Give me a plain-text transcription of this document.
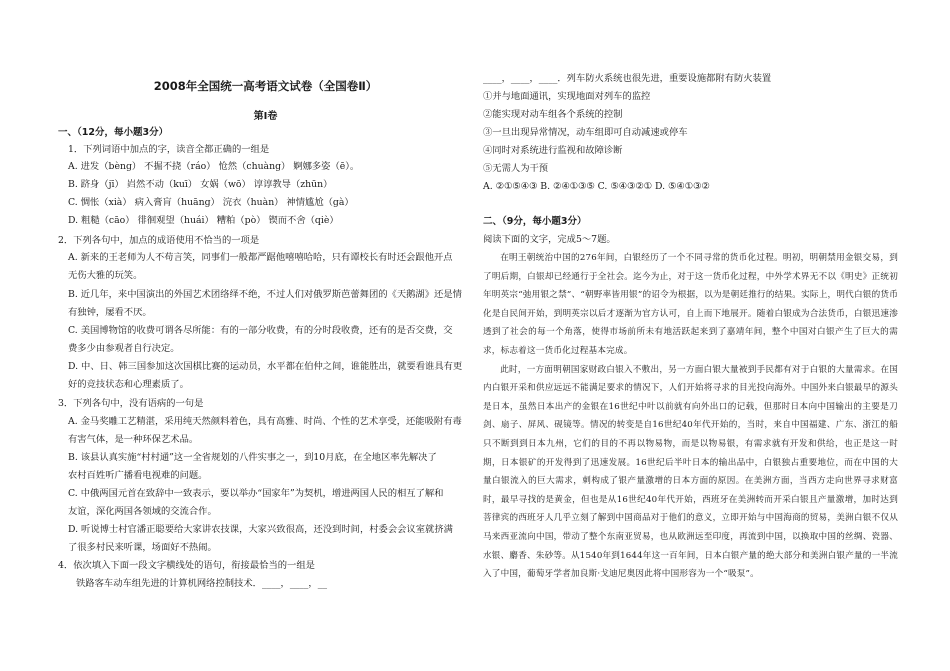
2008年全国统一高考语文试卷（全国卷Ⅱ）
第Ⅰ卷
一、（12分，每小题3分）
1．下列词语中加点的字，读音全都正确的一组是
A. 进发（bèng） 不掘不挠（ráo） 怆然（chuàng） 婀娜多姿（ē）。
B. 跻身（jī） 岿然不动（kuī） 女娲（wō） 谆谆教导（zhūn）
C. 惆怅（xià） 病入膏肓（huāng） 浣衣（huàn） 神情尴尬（gà）
D. 粗糙（cāo） 徘徊观望（huái） 糟粕（pò） 锲而不舍（qiè）
2．下列各句中，加点的成语使用不恰当的一项是
A. 新来的王老师为人不苟言笑，同事们一般都严踞他嘻嘻哈哈，只有谭校长有时还会跟他开点
无伤大雅的玩笑。
B. 近几年，来中国演出的外国艺术团络绎不绝，不过人们对俄罗斯芭蕾舞团的《天鹅湖》还是情
有独钟，屡看不厌。
C. 美国博物馆的收费可谓各尽所能：有的一部分收费，有的分时段收费，还有的是否交费，交
费多少由参观者自行决定。
D. 中、日、韩三国参加这次国棋比赛的运动员，水平都在伯仲之间，谁能胜出，就要看谁具有更
好的竞技状态和心理素质了。
3．下列各句中，没有语病的一句是
A. 金马奖雕工艺精湛，采用纯天然颜料着色，具有高雅、时尚、个性的艺术享受，还能吸附有毒
有害气体，是一种环保艺术品。
B. 该县认真实施“村村通”这一全省规划的八件实事之一，到10月底，在全地区率先解决了
农村百姓听广播看电视难的问题。
C. 中俄两国元首在致辞中一致表示，要以举办“国家年”为契机，增进两国人民的相互了解和
友谊，深化两国各领域的交流合作。
D. 听说博士村官潘正聪要给大家讲农技课，大家兴致很高，还没到时间，村委会会议室就挤满
了很多村民来听课，场面好不热闹。
4．依次填入下面一段文字横线处的语句，衔接最恰当的一组是
铁路客车动车组先进的计算机网络控制技术．____，____，__
____，____，____．列车防火系统也很先进，重要设施都附有防火装置
①并与地面通讯，实现地面对列车的监控
②能实现对动车组各个系统的控制
③一旦出现异常情况，动车组即可自动减速或停车
④同时对系统进行监视和故障诊断
⑤无需人为干预
A. ②①⑤④③ B. ②④①③⑤ C. ⑤④③②① D. ⑤④①③②
二、（9分，每小题3分）
阅读下面的文字，完成5～7题。

在明王朝统治中国的276年间，白银经历了一个不同寻常的货币化过程。明初，明朝禁用金银交易，到了明后期，白银却已经通行于全社会。迄今为止，对于这一货币化过程，中外学术界无不以《明史》正统初年明英宗“弛用银之禁”、“朝野率皆用银”的诏令为根据，以为是朝廷推行的结果。实际上，明代白银的货币化是自民间开始，到明英宗以后才逐渐为官方认可，自上而下地展开。随着白银成为合法货币，白银迅速渗透到了社会的每一个角落，使得市场前所未有地活跃起来到了嘉靖年间，整个中国对白银产生了巨大的需求，标志着这一货币化过程基本完成。

此时，一方面明朝国家财政白银入不敷出，另一方面白银大量被到手民都有对于白银的大量需求。在国内白银开采和供应远远不能满足要求的情况下，人们开始将寻求的目光投向海外。中国外来白银最早的源头是日本，虽然日本出产的金银在16世纪中叶以前就有向外出口的记载，但那时日本向中国输出的主要是刀剑、扇子、屏风、砚镜等。情况的转变是自16世纪40年代开始的，当时，来自中国福建、广东、浙江的船只不断到到日本九州，它们的目的不再以物易物，而是以物易银，有需求就有开发和供给，也正是这一时期，日本银矿的开发得到了迅速发展。16世纪后半叶日本的输出品中，白银独占重要地位，而在中国的大量白银流入的巨大需求，刺构成了银产量激增的日本方面的原因。在美洲方面，当西方走向世界寻求财富时，最早寻找的是黄金，但也是从16世纪40年代开始，西班牙在美洲转而开采白银且产量激增，加时达到菩律宾的西班牙人几乎立刻了解到中国商品对于他们的意义，立即开始与中国海商的贸易，美洲白银不仅从马来西亚流向中国，带动了整个东南亚贸易，也从欧洲远至印度，再流到中国，以换取中国的丝绸、瓷器、水银、麝香、朱砂等。从1540年到1644年这一百年间，日本白银产量的绝大部分和美洲白银产量的一半流入了中国，葡萄牙学者加良斯·戈迪尼奥因此将中国形容为一个“吸泵”。
